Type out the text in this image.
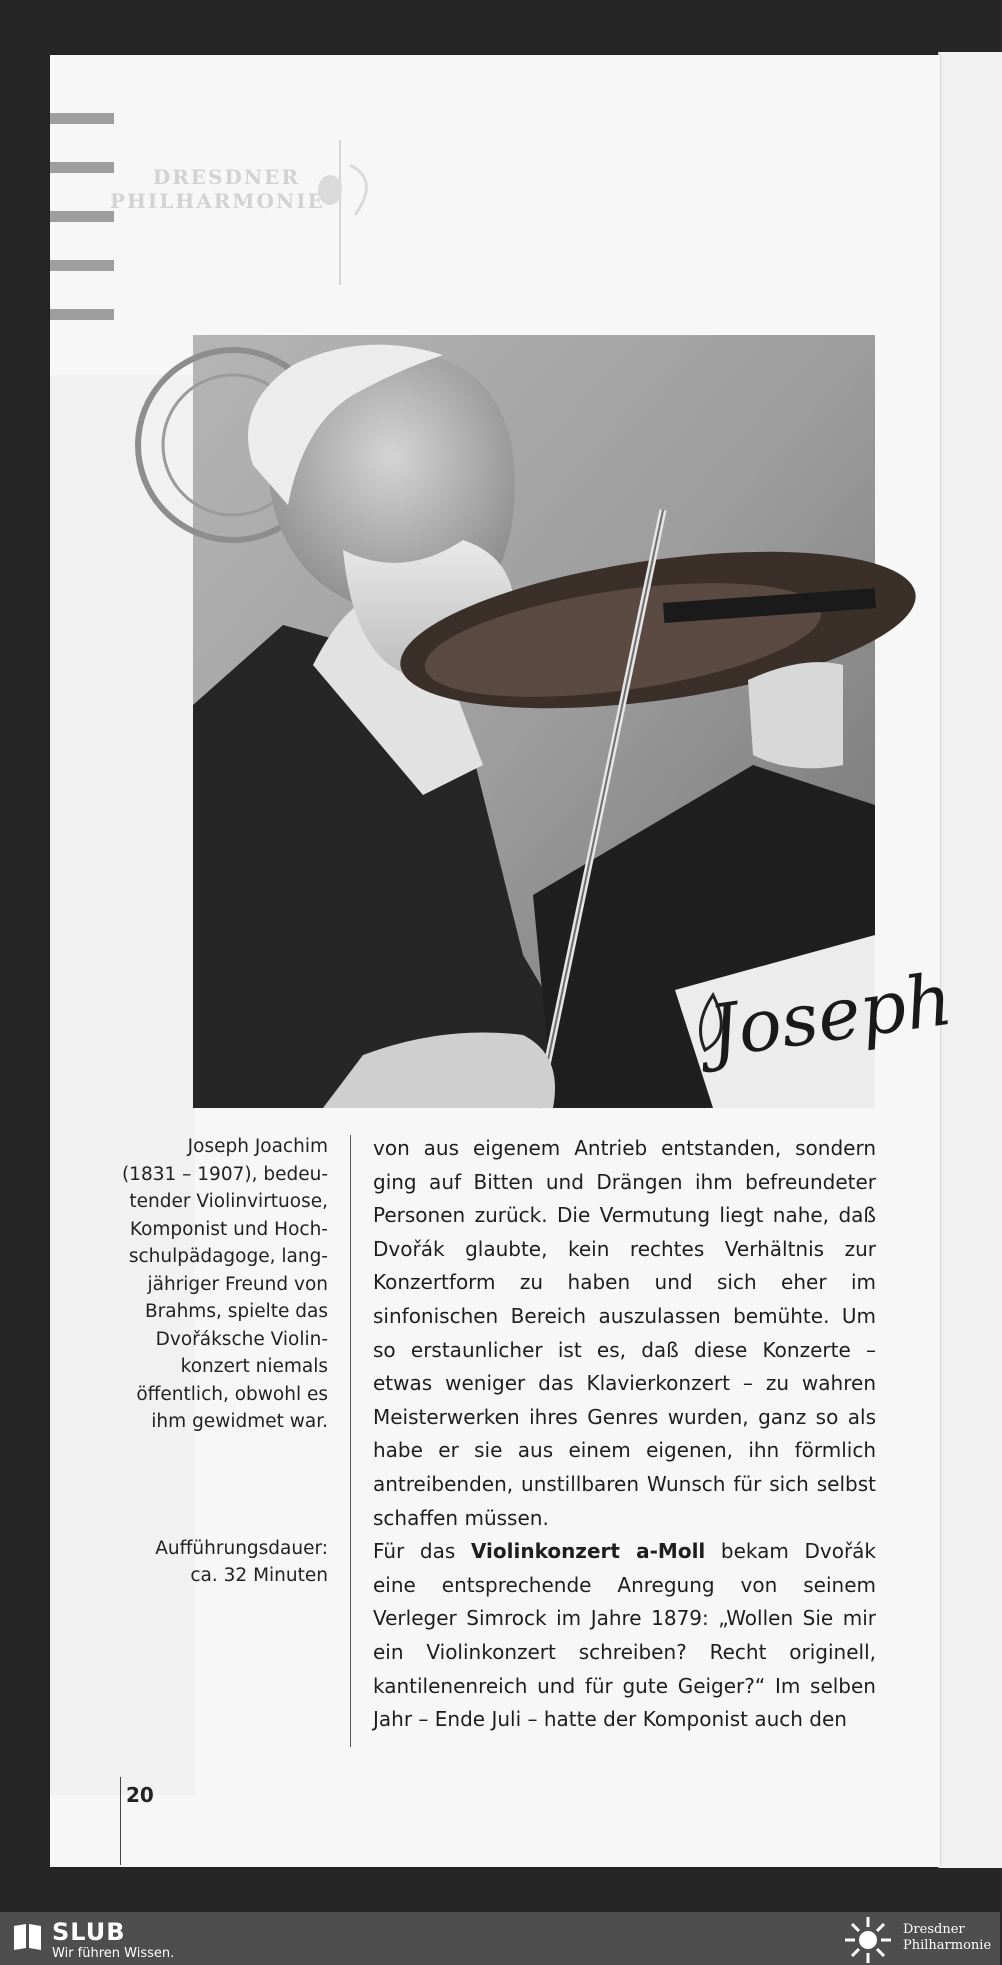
DRESDNER
PHILHARMONIE
Joseph

Joseph Joachim
(1831 – 1907), bedeu-
tender Violinvirtuose,
Komponist und Hoch-
schulpädagoge, lang-
jähriger Freund von
Brahms, spielte das
Dvořáksche Violin-
konzert niemals
öffentlich, obwohl es
ihm gewidmet war.

Aufführungsdauer:
ca. 32 Minuten

von aus eigenem Antrieb entstanden, sondern ging auf Bitten und Drängen ihm befreundeter Personen zurück. Die Vermutung liegt nahe, daß Dvořák glaubte, kein rechtes Verhältnis zur Konzertform zu haben und sich eher im sinfonischen Bereich auszulassen bemühte. Um so erstaunlicher ist es, daß diese Konzerte – etwas weniger das Klavierkonzert – zu wahren Meisterwerken ihres Genres wurden, ganz so als habe er sie aus einem eigenen, ihn förmlich antreibenden, unstillbaren Wunsch für sich selbst schaffen müssen.

Für das Violinkonzert a-Moll bekam Dvořák eine entsprechende Anregung von seinem Verleger Simrock im Jahre 1879: „Wollen Sie mir ein Violinkonzert schreiben? Recht originell, kantilenenreich und für gute Geiger?“ Im selben Jahr – Ende Juli – hatte der Komponist auch den

20
SLUB
Wir führen Wissen.
Dresdner
Philharmonie
